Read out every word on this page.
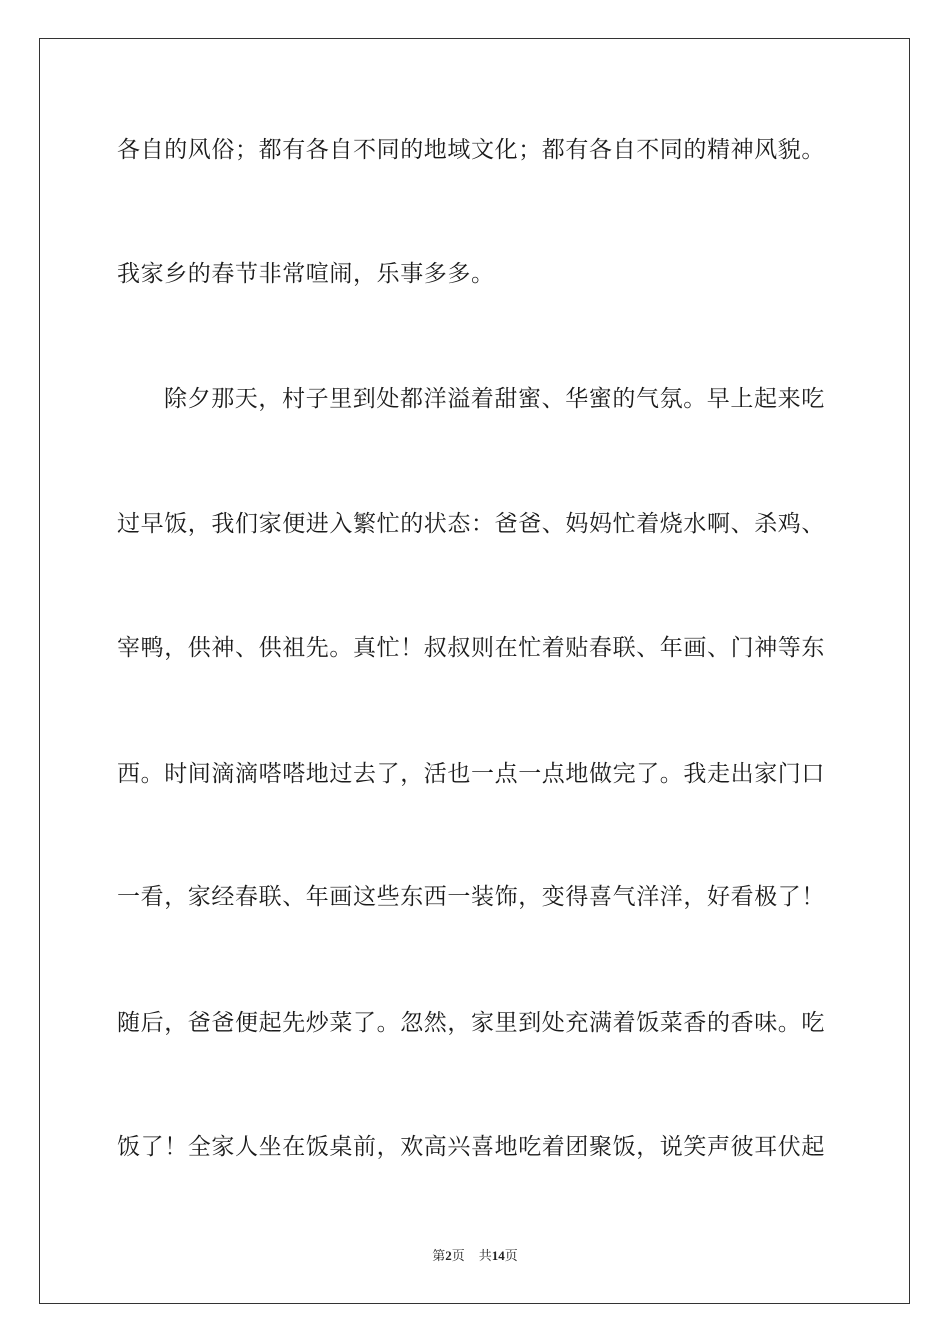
各自的风俗；都有各自不同的地域文化；都有各自不同的精神风貌。
我家乡的春节非常喧闹，乐事多多。
除夕那天，村子里到处都洋溢着甜蜜、华蜜的气氛。早上起来吃
过早饭，我们家便进入繁忙的状态：爸爸、妈妈忙着烧水啊、杀鸡、
宰鸭，供神、供祖先。真忙！叔叔则在忙着贴春联、年画、门神等东
西。时间滴滴嗒嗒地过去了，活也一点一点地做完了。我走出家门口
一看，家经春联、年画这些东西一装饰，变得喜气洋洋，好看极了！
随后，爸爸便起先炒菜了。忽然，家里到处充满着饭菜香的香味。吃
饭了！全家人坐在饭桌前，欢高兴喜地吃着团聚饭，说笑声彼耳伏起
第2页 共14页
